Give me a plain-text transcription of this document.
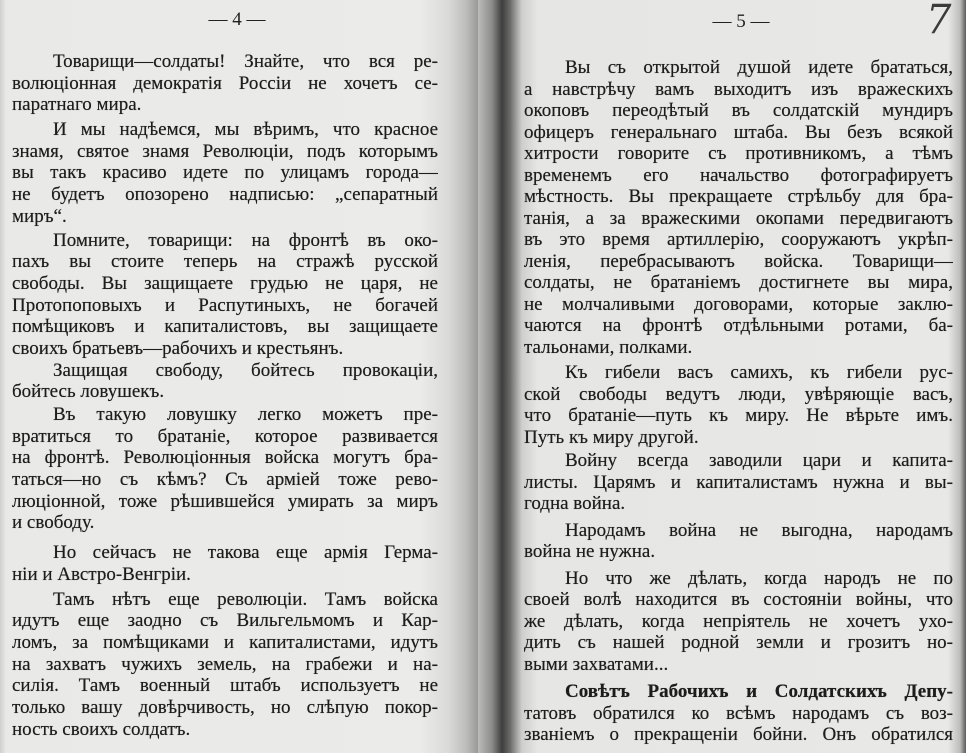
— 4 —
Товарищи—солдаты! Знайте, что вся ре-
волюціонная демократія Россіи не хочетъ се-
паратнаго мира.
И мы надѣемся, мы вѣримъ, что красное
знамя, святое знамя Революціи, подъ которымъ
вы такъ красиво идете по улицамъ города—
не будетъ опозорено надписью: „сепаратный
миръ“.
Помните, товарищи: на фронтѣ въ око-
пахъ вы стоите теперь на стражѣ русской
свободы. Вы защищаете грудью не царя, не
Протопоповыхъ и Распутиныхъ, не богачей
помѣщиковъ и капиталистовъ, вы защищаете
своихъ братьевъ—рабочихъ и крестьянъ.
Защищая свободу, бойтесь провокаціи,
бойтесь ловушекъ.
Въ такую ловушку легко можетъ пре-
вратиться то братаніе, которое развивается
на фронтѣ. Революціонныя войска могутъ бра-
таться—но съ кѣмъ? Съ арміей тоже рево-
люціонной, тоже рѣшившейся умирать за миръ
и свободу.
Но сейчасъ не такова еще армія Герма-
ніи и Австро-Венгріи.
Тамъ нѣтъ еще революціи. Тамъ войска
идутъ еще заодно съ Вильгельмомъ и Кар-
ломъ, за помѣщиками и капиталистами, идутъ
на захватъ чужихъ земель, на грабежи и на-
силія. Тамъ военный штабъ используетъ не
только вашу довѣрчивость, но слѣпую покор-
ность своихъ солдатъ.
— 5 —
Вы съ открытой душой идете брататься,
а навстрѣчу вамъ выходитъ изъ вражескихъ
окоповъ переодѣтый въ солдатскій мундиръ
офицеръ генеральнаго штаба. Вы безъ всякой
хитрости говорите съ противникомъ, а тѣмъ
временемъ его начальство фотографируетъ
мѣстность. Вы прекращаете стрѣльбу для бра-
танія, а за вражескими окопами передвигаютъ
въ это время артиллерію, сооружаютъ укрѣп-
ленія, перебрасываютъ войска. Товарищи—
солдаты, не братаніемъ достигнете вы мира,
не молчаливыми договорами, которые заклю-
чаются на фронтѣ отдѣльными ротами, ба-
тальонами, полками.
Къ гибели васъ самихъ, къ гибели рус-
ской свободы ведутъ люди, увѣряющіе васъ,
что братаніе—путь къ миру. Не вѣрьте имъ.
Путь къ миру другой.
Войну всегда заводили цари и капита-
листы. Царямъ и капиталистамъ нужна и вы-
годна война.
Народамъ война не выгодна, народамъ
война не нужна.
Но что же дѣлать, когда народъ не по
своей волѣ находится въ состояніи войны, что
же дѣлать, когда непріятель не хочетъ ухо-
дить съ нашей родной земли и грозитъ но-
выми захватами...
Совѣтъ Рабочихъ и Солдатскихъ Депу-
татовъ обратился ко всѣмъ народамъ съ воз-
званіемъ о прекращеніи бойни. Онъ обратился
7
